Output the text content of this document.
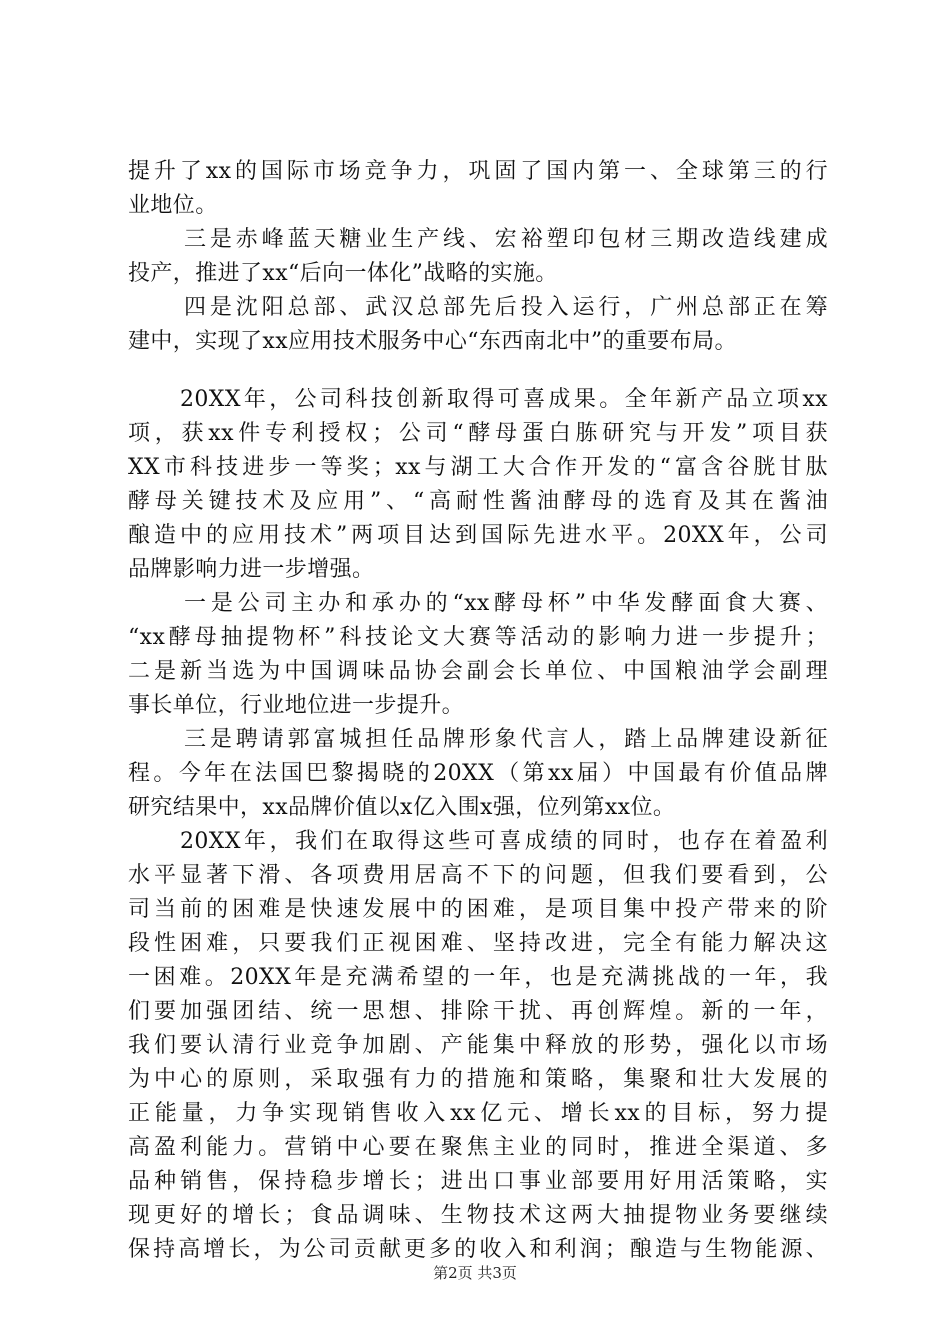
提升了xx的国际市场竞争力，巩固了国内第一、全球第三的行
业地位。
三是赤峰蓝天糖业生产线、宏裕塑印包材三期改造线建成
投产，推进了xx“后向一体化”战略的实施。
四是沈阳总部、武汉总部先后投入运行，广州总部正在筹
建中，实现了xx应用技术服务中心“东西南北中”的重要布局。
20XX年，公司科技创新取得可喜成果。全年新产品立项xx
项，获xx件专利授权；公司“酵母蛋白胨研究与开发”项目获
XX市科技进步一等奖；xx与湖工大合作开发的“富含谷胱甘肽
酵母关键技术及应用”、“高耐性酱油酵母的选育及其在酱油
酿造中的应用技术”两项目达到国际先进水平。20XX年，公司
品牌影响力进一步增强。
一是公司主办和承办的“xx酵母杯”中华发酵面食大赛、
“xx酵母抽提物杯”科技论文大赛等活动的影响力进一步提升；
二是新当选为中国调味品协会副会长单位、中国粮油学会副理
事长单位，行业地位进一步提升。
三是聘请郭富城担任品牌形象代言人，踏上品牌建设新征
程。今年在法国巴黎揭晓的20XX（第xx届）中国最有价值品牌
研究结果中，xx品牌价值以x亿入围x强，位列第xx位。
20XX年，我们在取得这些可喜成绩的同时，也存在着盈利
水平显著下滑、各项费用居高不下的问题，但我们要看到，公
司当前的困难是快速发展中的困难，是项目集中投产带来的阶
段性困难，只要我们正视困难、坚持改进，完全有能力解决这
一困难。20XX年是充满希望的一年，也是充满挑战的一年，我
们要加强团结、统一思想、排除干扰、再创辉煌。新的一年，
我们要认清行业竞争加剧、产能集中释放的形势，强化以市场
为中心的原则，采取强有力的措施和策略，集聚和壮大发展的
正能量，力争实现销售收入xx亿元、增长xx的目标，努力提
高盈利能力。营销中心要在聚焦主业的同时，推进全渠道、多
品种销售，保持稳步增长；进出口事业部要用好用活策略，实
现更好的增长；食品调味、生物技术这两大抽提物业务要继续
保持高增长，为公司贡献更多的收入和利润；酿造与生物能源、
第2页 共3页
